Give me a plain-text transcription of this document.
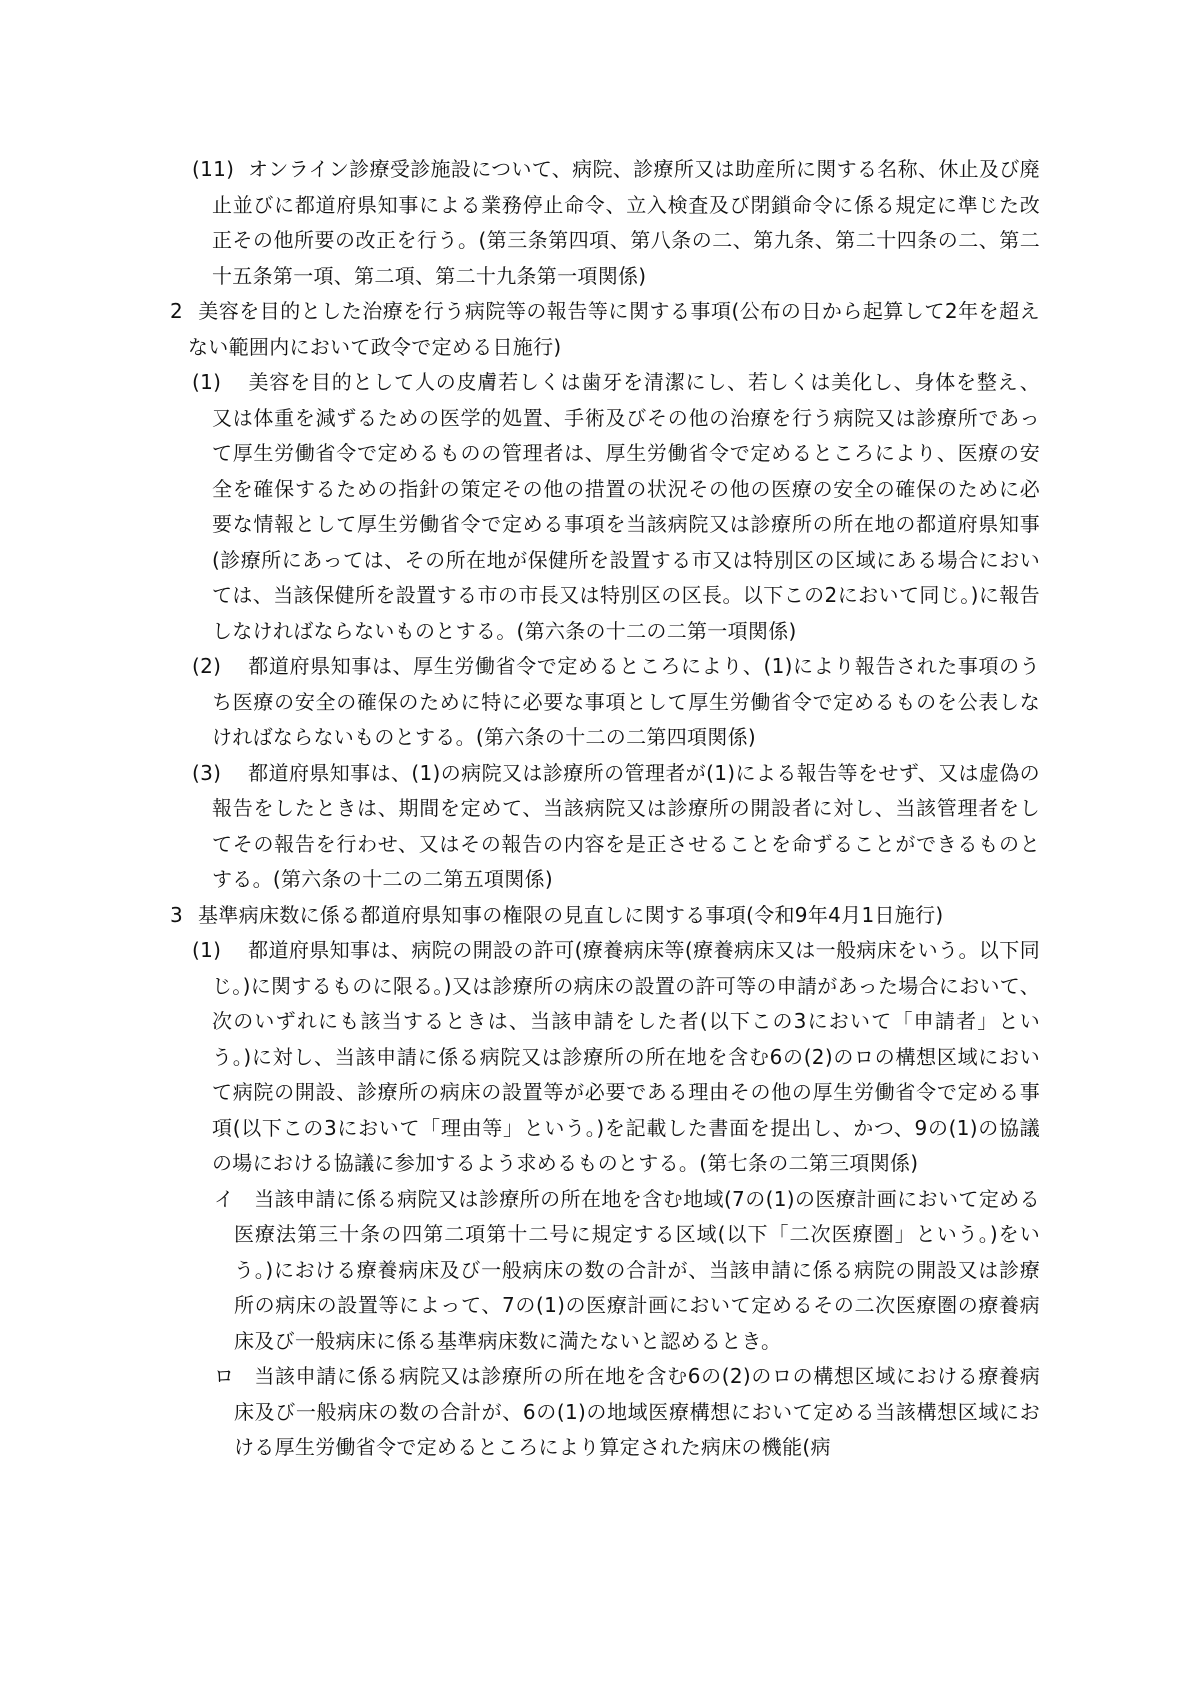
(11) オンライン診療受診施設について、病院、診療所又は助産所に関する名称、休止及び廃止並びに都道府県知事による業務停止命令、立入検査及び閉鎖命令に係る規定に準じた改正その他所要の改正を行う。(第三条第四項、第八条の二、第九条、第二十四条の二、第二十五条第一項、第二項、第二十九条第一項関係)

2 美容を目的とした治療を行う病院等の報告等に関する事項(公布の日から起算して2年を超えない範囲内において政令で定める日施行)

(1) 美容を目的として人の皮膚若しくは歯牙を清潔にし、若しくは美化し、身体を整え、又は体重を減ずるための医学的処置、手術及びその他の治療を行う病院又は診療所であって厚生労働省令で定めるものの管理者は、厚生労働省令で定めるところにより、医療の安全を確保するための指針の策定その他の措置の状況その他の医療の安全の確保のために必要な情報として厚生労働省令で定める事項を当該病院又は診療所の所在地の都道府県知事(診療所にあっては、その所在地が保健所を設置する市又は特別区の区域にある場合においては、当該保健所を設置する市の市長又は特別区の区長。以下この2において同じ。)に報告しなければならないものとする。(第六条の十二の二第一項関係)

(2) 都道府県知事は、厚生労働省令で定めるところにより、(1)により報告された事項のうち医療の安全の確保のために特に必要な事項として厚生労働省令で定めるものを公表しなければならないものとする。(第六条の十二の二第四項関係)

(3) 都道府県知事は、(1)の病院又は診療所の管理者が(1)による報告等をせず、又は虚偽の報告をしたときは、期間を定めて、当該病院又は診療所の開設者に対し、当該管理者をしてその報告を行わせ、又はその報告の内容を是正させることを命ずることができるものとする。(第六条の十二の二第五項関係)

3 基準病床数に係る都道府県知事の権限の見直しに関する事項(令和9年4月1日施行)

(1) 都道府県知事は、病院の開設の許可(療養病床等(療養病床又は一般病床をいう。以下同じ。)に関するものに限る。)又は診療所の病床の設置の許可等の申請があった場合において、次のいずれにも該当するときは、当該申請をした者(以下この3において「申請者」という。)に対し、当該申請に係る病院又は診療所の所在地を含む6の(2)のロの構想区域において病院の開設、診療所の病床の設置等が必要である理由その他の厚生労働省令で定める事項(以下この3において「理由等」という。)を記載した書面を提出し、かつ、9の(1)の協議の場における協議に参加するよう求めるものとする。(第七条の二第三項関係)

イ 当該申請に係る病院又は診療所の所在地を含む地域(7の(1)の医療計画において定める医療法第三十条の四第二項第十二号に規定する区域(以下「二次医療圏」という。)をいう。)における療養病床及び一般病床の数の合計が、当該申請に係る病院の開設又は診療所の病床の設置等によって、7の(1)の医療計画において定めるその二次医療圏の療養病床及び一般病床に係る基準病床数に満たないと認めるとき。

ロ 当該申請に係る病院又は診療所の所在地を含む6の(2)のロの構想区域における療養病床及び一般病床の数の合計が、6の(1)の地域医療構想において定める当該構想区域における厚生労働省令で定めるところにより算定された病床の機能(病
